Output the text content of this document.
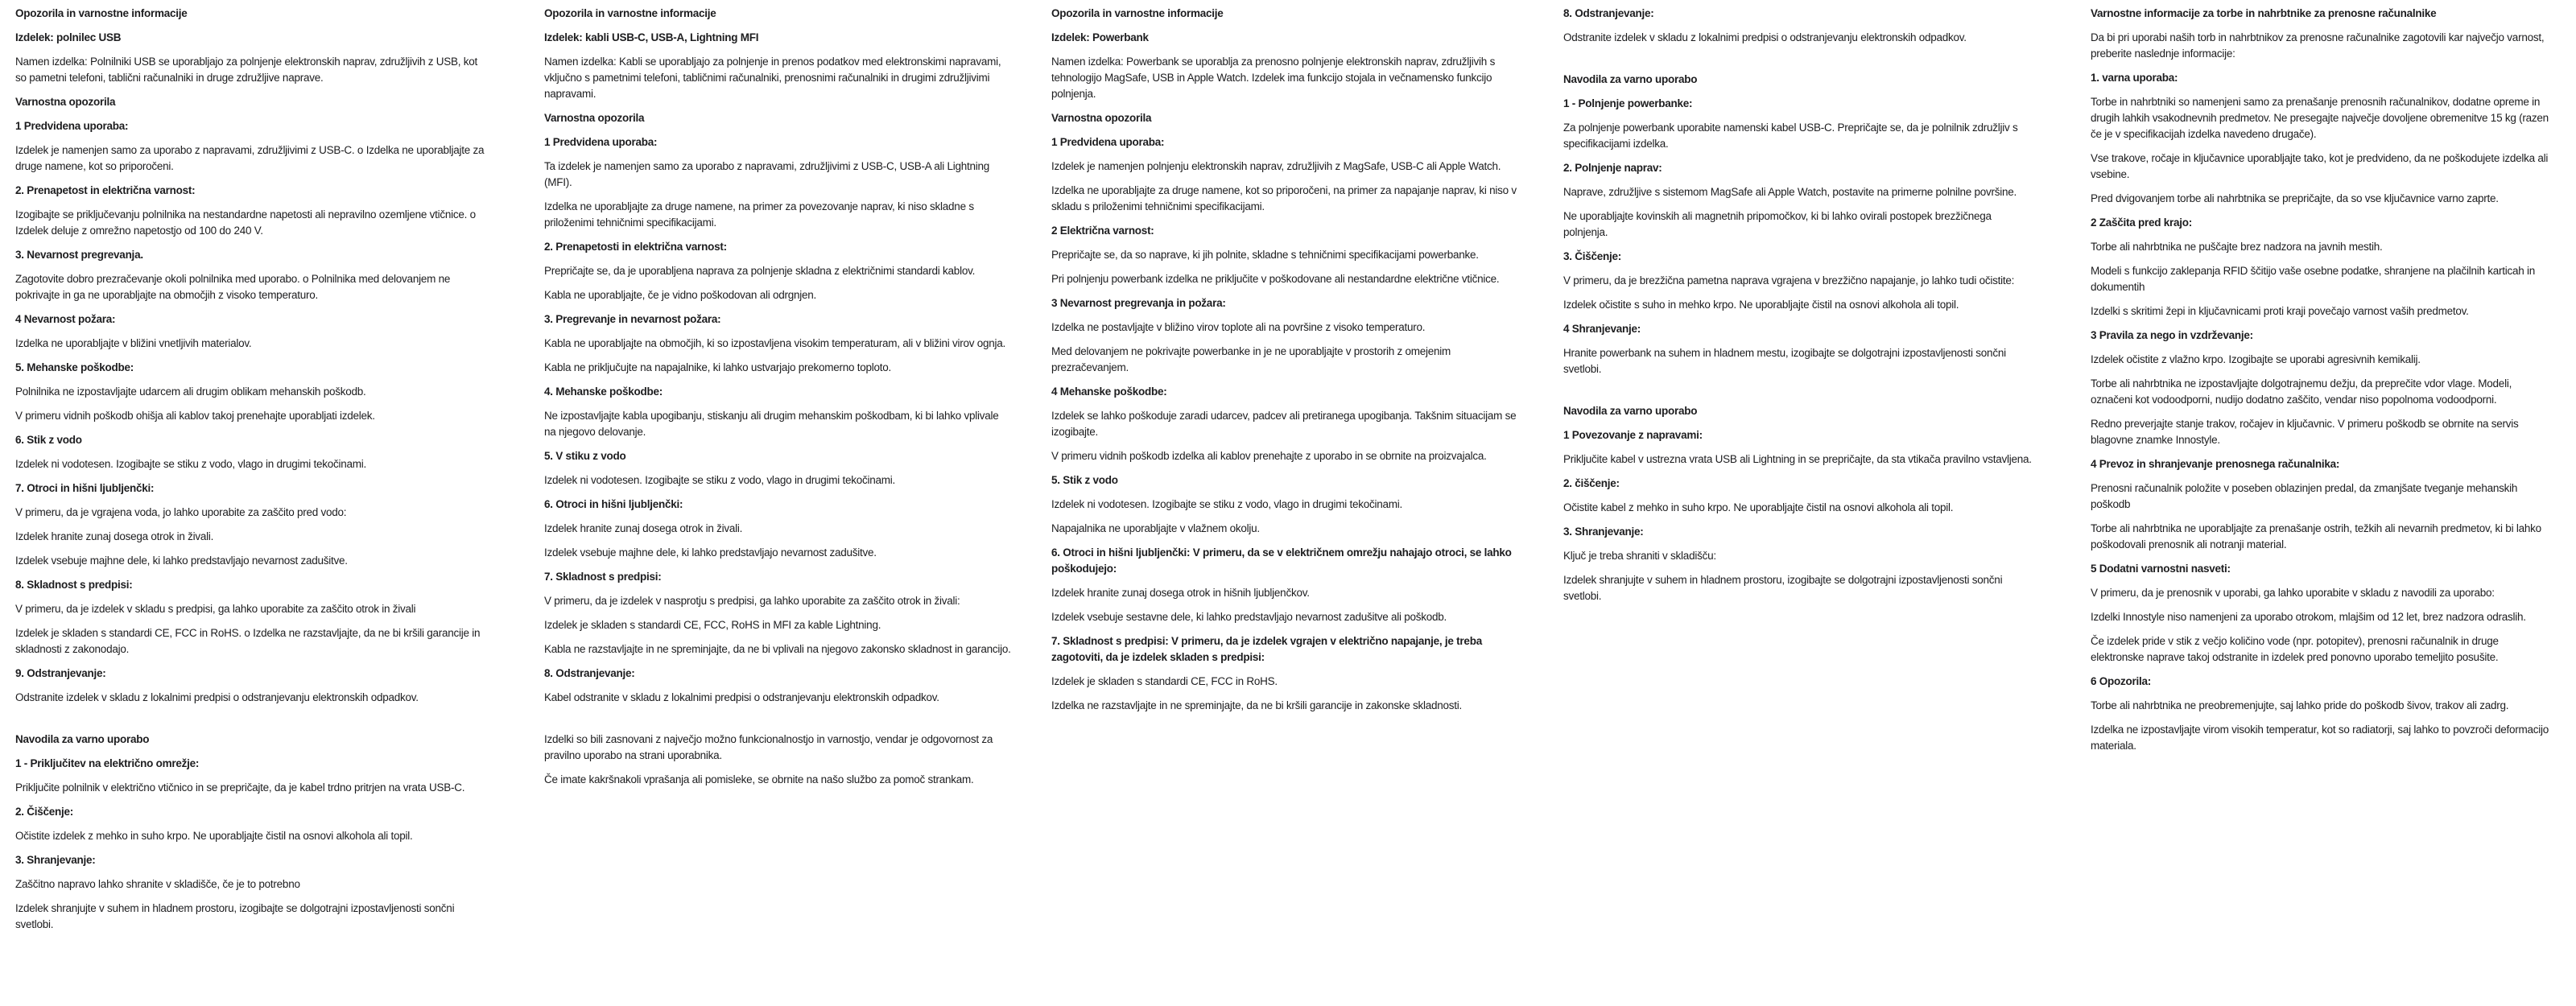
Opozorila in varnostne informacije
Izdelek: polnilec USB

Namen izdelka: Polnilniki USB se uporabljajo za polnjenje elektronskih naprav, združljivih z USB, kot so pametni telefoni, tablični računalniki in druge združljive naprave.

Varnostna opozorila
1 Predvidena uporaba:

Izdelek je namenjen samo za uporabo z napravami, združljivimi z USB-C. o Izdelka ne uporabljajte za druge namene, kot so priporočeni.

2. Prenapetost in električna varnost:

Izogibajte se priključevanju polnilnika na nestandardne napetosti ali nepravilno ozemljene vtičnice. o Izdelek deluje z omrežno napetostjo od 100 do 240 V.

3. Nevarnost pregrevanja.

Zagotovite dobro prezračevanje okoli polnilnika med uporabo. o Polnilnika med delovanjem ne pokrivajte in ga ne uporabljajte na območjih z visoko temperaturo.

4 Nevarnost požara:

Izdelka ne uporabljajte v bližini vnetljivih materialov.

5. Mehanske poškodbe:

Polnilnika ne izpostavljajte udarcem ali drugim oblikam mehanskih poškodb.

V primeru vidnih poškodb ohišja ali kablov takoj prenehajte uporabljati izdelek.

6. Stik z vodo

Izdelek ni vodotesen. Izogibajte se stiku z vodo, vlago in drugimi tekočinami.

7. Otroci in hišni ljubljenčki:

V primeru, da je vgrajena voda, jo lahko uporabite za zaščito pred vodo:

Izdelek hranite zunaj dosega otrok in živali.

Izdelek vsebuje majhne dele, ki lahko predstavljajo nevarnost zadušitve.

8. Skladnost s predpisi:

V primeru, da je izdelek v skladu s predpisi, ga lahko uporabite za zaščito otrok in živali

Izdelek je skladen s standardi CE, FCC in RoHS. o Izdelka ne razstavljajte, da ne bi kršili garancije in skladnosti z zakonodajo.

9. Odstranjevanje:

Odstranite izdelek v skladu z lokalnimi predpisi o odstranjevanju elektronskih odpadkov.

Navodila za varno uporabo
1 - Priključitev na električno omrežje:

Priključite polnilnik v električno vtičnico in se prepričajte, da je kabel trdno pritrjen na vrata USB-C.

2. Čiščenje:

Očistite izdelek z mehko in suho krpo. Ne uporabljajte čistil na osnovi alkohola ali topil.

3. Shranjevanje:

Zaščitno napravo lahko shranite v skladišče, če je to potrebno

Izdelek shranjujte v suhem in hladnem prostoru, izogibajte se dolgotrajni izpostavljenosti sončni svetlobi.

Opozorila in varnostne informacije
Izdelek: kabli USB-C, USB-A, Lightning MFI

Namen izdelka: Kabli se uporabljajo za polnjenje in prenos podatkov med elektronskimi napravami, vključno s pametnimi telefoni, tabličnimi računalniki, prenosnimi računalniki in drugimi združljivimi napravami.

Varnostna opozorila
1 Predvidena uporaba:

Ta izdelek je namenjen samo za uporabo z napravami, združljivimi z USB-C, USB-A ali Lightning (MFI).

Izdelka ne uporabljajte za druge namene, na primer za povezovanje naprav, ki niso skladne s priloženimi tehničnimi specifikacijami.

2. Prenapetosti in električna varnost:

Prepričajte se, da je uporabljena naprava za polnjenje skladna z električnimi standardi kablov.

Kabla ne uporabljajte, če je vidno poškodovan ali odrgnjen.

3. Pregrevanje in nevarnost požara:

Kabla ne uporabljajte na območjih, ki so izpostavljena visokim temperaturam, ali v bližini virov ognja.

Kabla ne priključujte na napajalnike, ki lahko ustvarjajo prekomerno toploto.

4. Mehanske poškodbe:

Ne izpostavljajte kabla upogibanju, stiskanju ali drugim mehanskim poškodbam, ki bi lahko vplivale na njegovo delovanje.

5. V stiku z vodo

Izdelek ni vodotesen. Izogibajte se stiku z vodo, vlago in drugimi tekočinami.

6. Otroci in hišni ljubljenčki:

Izdelek hranite zunaj dosega otrok in živali.

Izdelek vsebuje majhne dele, ki lahko predstavljajo nevarnost zadušitve.

7. Skladnost s predpisi:

V primeru, da je izdelek v nasprotju s predpisi, ga lahko uporabite za zaščito otrok in živali:

Izdelek je skladen s standardi CE, FCC, RoHS in MFI za kable Lightning.

Kabla ne razstavljajte in ne spreminjajte, da ne bi vplivali na njegovo zakonsko skladnost in garancijo.

8. Odstranjevanje:

Kabel odstranite v skladu z lokalnimi predpisi o odstranjevanju elektronskih odpadkov.

Izdelki so bili zasnovani z največjo možno funkcionalnostjo in varnostjo, vendar je odgovornost za pravilno uporabo na strani uporabnika.

Če imate kakršnakoli vprašanja ali pomisleke, se obrnite na našo službo za pomoč strankam.

Opozorila in varnostne informacije
Izdelek: Powerbank

Namen izdelka: Powerbank se uporablja za prenosno polnjenje elektronskih naprav, združljivih s tehnologijo MagSafe, USB in Apple Watch. Izdelek ima funkcijo stojala in večnamensko funkcijo polnjenja.

Varnostna opozorila
1 Predvidena uporaba:

Izdelek je namenjen polnjenju elektronskih naprav, združljivih z MagSafe, USB-C ali Apple Watch.

Izdelka ne uporabljajte za druge namene, kot so priporočeni, na primer za napajanje naprav, ki niso v skladu s priloženimi tehničnimi specifikacijami.

2 Električna varnost:

Prepričajte se, da so naprave, ki jih polnite, skladne s tehničnimi specifikacijami powerbanke.

Pri polnjenju powerbank izdelka ne priključite v poškodovane ali nestandardne električne vtičnice.

3 Nevarnost pregrevanja in požara:

Izdelka ne postavljajte v bližino virov toplote ali na površine z visoko temperaturo.

Med delovanjem ne pokrivajte powerbanke in je ne uporabljajte v prostorih z omejenim prezračevanjem.

4 Mehanske poškodbe:

Izdelek se lahko poškoduje zaradi udarcev, padcev ali pretiranega upogibanja. Takšnim situacijam se izogibajte.

V primeru vidnih poškodb izdelka ali kablov prenehajte z uporabo in se obrnite na proizvajalca.

5. Stik z vodo

Izdelek ni vodotesen. Izogibajte se stiku z vodo, vlago in drugimi tekočinami.

Napajalnika ne uporabljajte v vlažnem okolju.

6. Otroci in hišni ljubljenčki: V primeru, da se v električnem omrežju nahajajo otroci, se lahko poškodujejo:

Izdelek hranite zunaj dosega otrok in hišnih ljubljenčkov.

Izdelek vsebuje sestavne dele, ki lahko predstavljajo nevarnost zadušitve ali poškodb.

7. Skladnost s predpisi: V primeru, da je izdelek vgrajen v električno napajanje, je treba zagotoviti, da je izdelek skladen s predpisi:

Izdelek je skladen s standardi CE, FCC in RoHS.

Izdelka ne razstavljajte in ne spreminjajte, da ne bi kršili garancije in zakonske skladnosti.

8. Odstranjevanje:

Odstranite izdelek v skladu z lokalnimi predpisi o odstranjevanju elektronskih odpadkov.

Navodila za varno uporabo
1 - Polnjenje powerbanke:

Za polnjenje powerbank uporabite namenski kabel USB-C. Prepričajte se, da je polnilnik združljiv s specifikacijami izdelka.

2. Polnjenje naprav:

Naprave, združljive s sistemom MagSafe ali Apple Watch, postavite na primerne polnilne površine.

Ne uporabljajte kovinskih ali magnetnih pripomočkov, ki bi lahko ovirali postopek brezžičnega polnjenja.

3. Čiščenje:

V primeru, da je brezžična pametna naprava vgrajena v brezžično napajanje, jo lahko tudi očistite:

Izdelek očistite s suho in mehko krpo. Ne uporabljajte čistil na osnovi alkohola ali topil.

4 Shranjevanje:

Hranite powerbank na suhem in hladnem mestu, izogibajte se dolgotrajni izpostavljenosti sončni svetlobi.

Navodila za varno uporabo
1 Povezovanje z napravami:

Priključite kabel v ustrezna vrata USB ali Lightning in se prepričajte, da sta vtikača pravilno vstavljena.

2. čiščenje:

Očistite kabel z mehko in suho krpo. Ne uporabljajte čistil na osnovi alkohola ali topil.

3. Shranjevanje:

Ključ je treba shraniti v skladišču:

Izdelek shranjujte v suhem in hladnem prostoru, izogibajte se dolgotrajni izpostavljenosti sončni svetlobi.

Varnostne informacije za torbe in nahrbtnike za prenosne računalnike

Da bi pri uporabi naših torb in nahrbtnikov za prenosne računalnike zagotovili kar največjo varnost, preberite naslednje informacije:

1. varna uporaba:

Torbe in nahrbtniki so namenjeni samo za prenašanje prenosnih računalnikov, dodatne opreme in drugih lahkih vsakodnevnih predmetov. Ne presegajte največje dovoljene obremenitve 15 kg (razen če je v specifikacijah izdelka navedeno drugače).

Vse trakove, ročaje in ključavnice uporabljajte tako, kot je predvideno, da ne poškodujete izdelka ali vsebine.

Pred dvigovanjem torbe ali nahrbtnika se prepričajte, da so vse ključavnice varno zaprte.

2 Zaščita pred krajo:

Torbe ali nahrbtnika ne puščajte brez nadzora na javnih mestih.

Modeli s funkcijo zaklepanja RFID ščitijo vaše osebne podatke, shranjene na plačilnih karticah in dokumentih

Izdelki s skritimi žepi in ključavnicami proti kraji povečajo varnost vaših predmetov.

3 Pravila za nego in vzdrževanje:

Izdelek očistite z vlažno krpo. Izogibajte se uporabi agresivnih kemikalij.

Torbe ali nahrbtnika ne izpostavljajte dolgotrajnemu dežju, da preprečite vdor vlage. Modeli, označeni kot vodoodporni, nudijo dodatno zaščito, vendar niso popolnoma vodoodporni.

Redno preverjajte stanje trakov, ročajev in ključavnic. V primeru poškodb se obrnite na servis blagovne znamke Innostyle.

4 Prevoz in shranjevanje prenosnega računalnika:

Prenosni računalnik položite v poseben oblazinjen predal, da zmanjšate tveganje mehanskih poškodb

Torbe ali nahrbtnika ne uporabljajte za prenašanje ostrih, težkih ali nevarnih predmetov, ki bi lahko poškodovali prenosnik ali notranji material.

5 Dodatni varnostni nasveti:

V primeru, da je prenosnik v uporabi, ga lahko uporabite v skladu z navodili za uporabo:

Izdelki Innostyle niso namenjeni za uporabo otrokom, mlajšim od 12 let, brez nadzora odraslih.

Če izdelek pride v stik z večjo količino vode (npr. potopitev), prenosni računalnik in druge elektronske naprave takoj odstranite in izdelek pred ponovno uporabo temeljito posušite.

6 Opozorila:

Torbe ali nahrbtnika ne preobremenjujte, saj lahko pride do poškodb šivov, trakov ali zadrg.

Izdelka ne izpostavljajte virom visokih temperatur, kot so radiatorji, saj lahko to povzroči deformacijo materiala.
